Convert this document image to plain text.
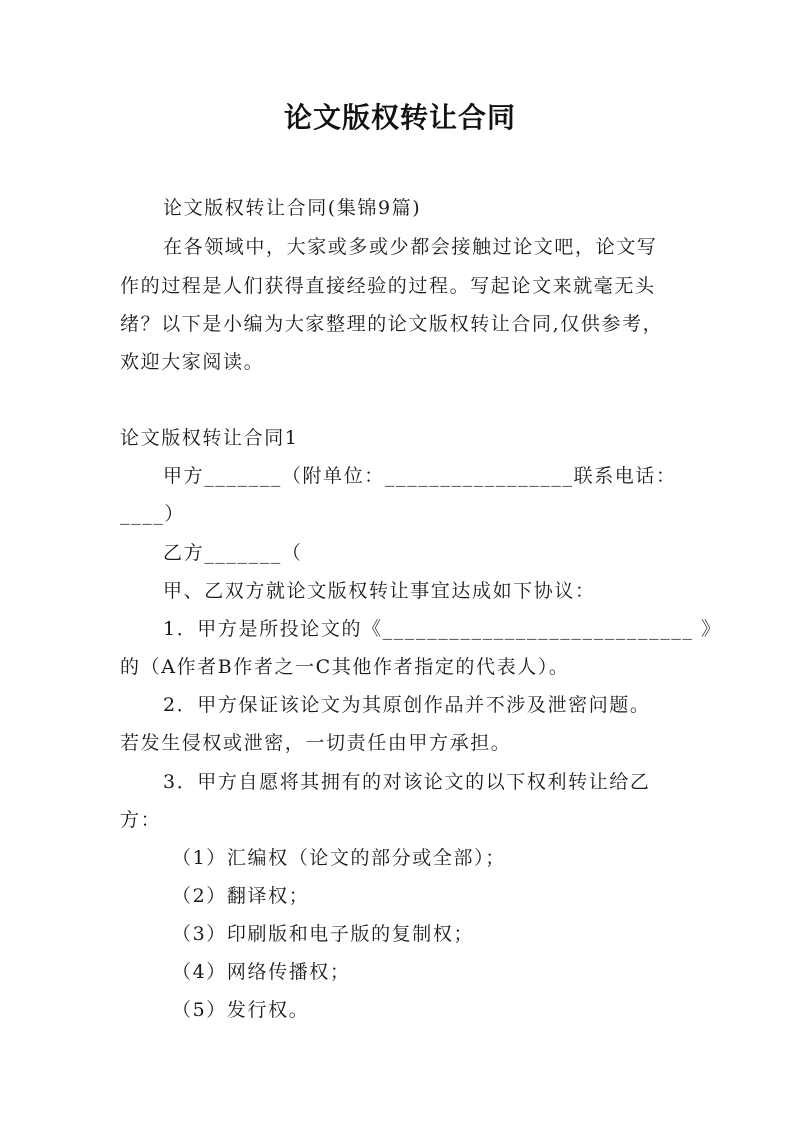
论文版权转让合同
论文版权转让合同(集锦9篇)
在各领域中，大家或多或少都会接触过论文吧，论文写
作的过程是人们获得直接经验的过程。写起论文来就毫无头
绪？以下是小编为大家整理的论文版权转让合同,仅供参考，
欢迎大家阅读。
论文版权转让合同1
甲方_______（附单位：_________________联系电话：
____）
乙方_______（
甲、乙双方就论文版权转让事宜达成如下协议：
1．甲方是所投论文的《____________________________ 》
的（A作者B作者之一C其他作者指定的代表人）。
2．甲方保证该论文为其原创作品并不涉及泄密问题。
若发生侵权或泄密，一切责任由甲方承担。
3．甲方自愿将其拥有的对该论文的以下权利转让给乙
方：
（1）汇编权（论文的部分或全部）；
（2）翻译权；
（3）印刷版和电子版的复制权；
（4）网络传播权；
（5）发行权。
